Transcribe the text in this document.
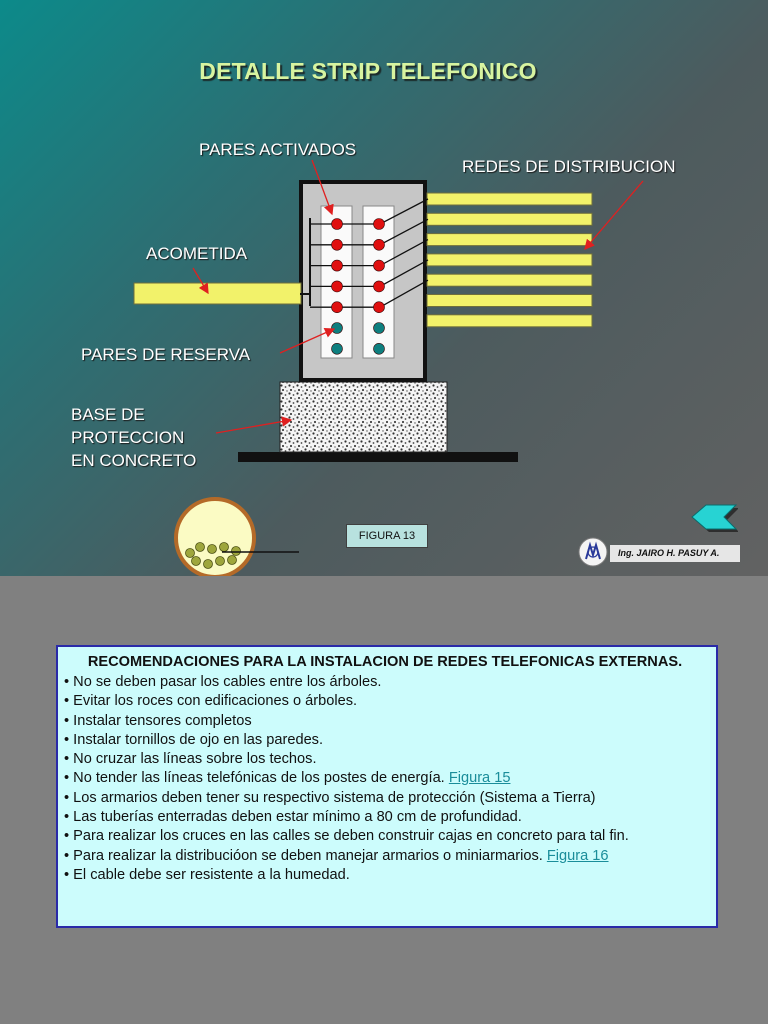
DETALLE STRIP TELEFONICO
PARES ACTIVADOS
REDES DE DISTRIBUCION
ACOMETIDA
PARES DE RESERVA
BASE DE
PROTECCION
EN CONCRETO
FIGURA 13
Ing. JAIRO H. PASUY A.
RECOMENDACIONES PARA LA INSTALACION DE REDES TELEFONICAS EXTERNAS.
• No se deben pasar los cables entre los árboles.
• Evitar los roces con edificaciones o árboles.
• Instalar tensores completos
• Instalar tornillos de ojo en las paredes.
• No cruzar las líneas sobre los techos.
• No tender las líneas telefónicas de los postes de energía. Figura 15
• Los armarios deben tener su respectivo sistema de protección (Sistema a Tierra)
• Las tuberías enterradas deben estar mínimo a 80 cm de profundidad.
• Para realizar los cruces en las calles se deben construir cajas en concreto para tal fin.
• Para realizar la distribucióon se deben manejar armarios o miniarmarios. Figura 16
• El cable debe ser resistente a la humedad.
